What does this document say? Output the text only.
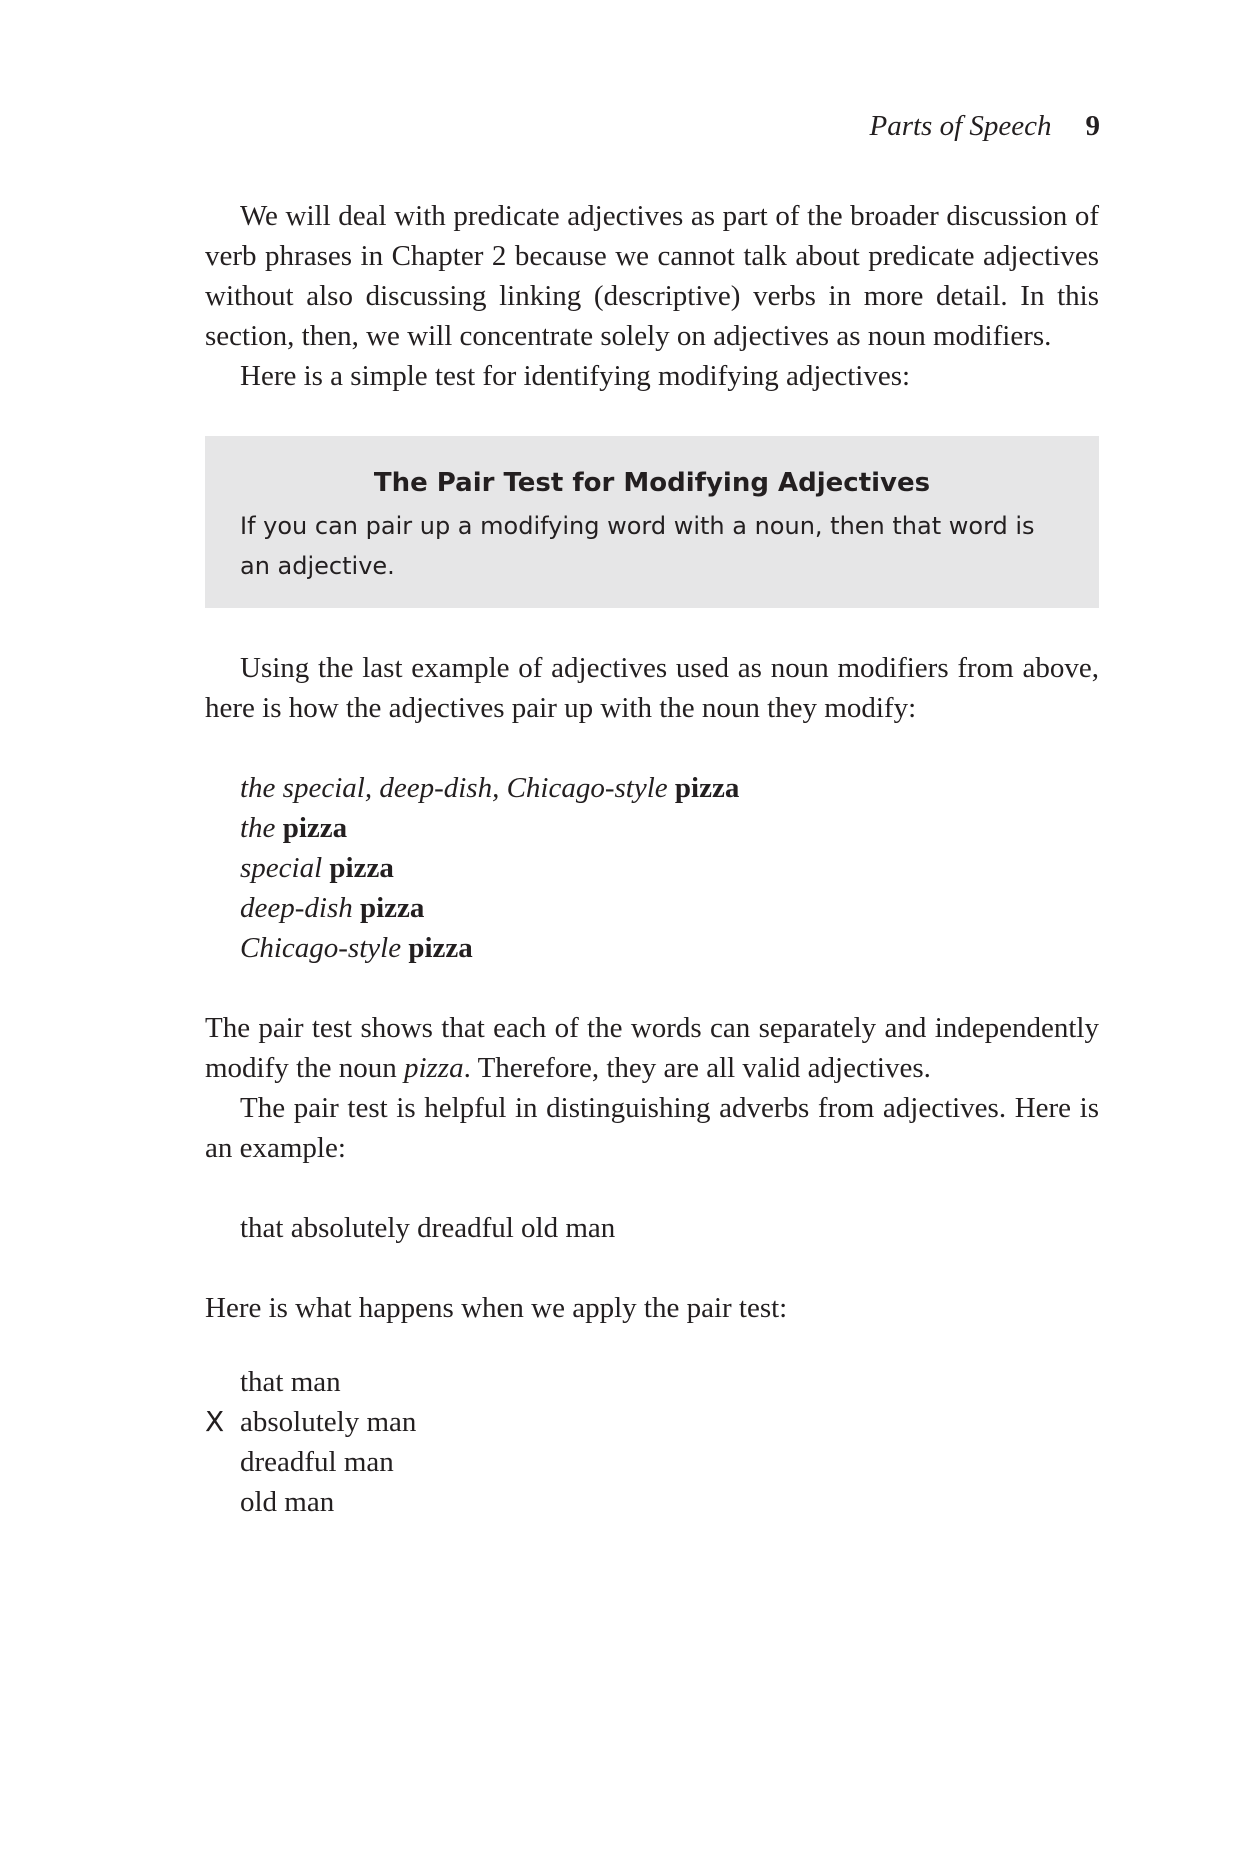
Parts of Speech 9

We will deal with predicate adjectives as part of the broader discussion of verb phrases in Chapter 2 because we cannot talk about predicate adjectives without also discussing linking (descriptive) verbs in more detail. In this section, then, we will concentrate solely on adjectives as noun modifiers.

Here is a simple test for identifying modifying adjectives:

The Pair Test for Modifying Adjectives
If you can pair up a modifying word with a noun, then that word is an adjective.

Using the last example of adjectives used as noun modifiers from above, here is how the adjectives pair up with the noun they modify:

the special, deep-dish, Chicago-style pizza
the pizza
special pizza
deep-dish pizza
Chicago-style pizza

The pair test shows that each of the words can separately and independently modify the noun pizza. Therefore, they are all valid adjectives.

The pair test is helpful in distinguishing adverbs from adjectives. Here is an example:

that absolutely dreadful old man

Here is what happens when we apply the pair test:

that man
X absolutely man
dreadful man
old man
